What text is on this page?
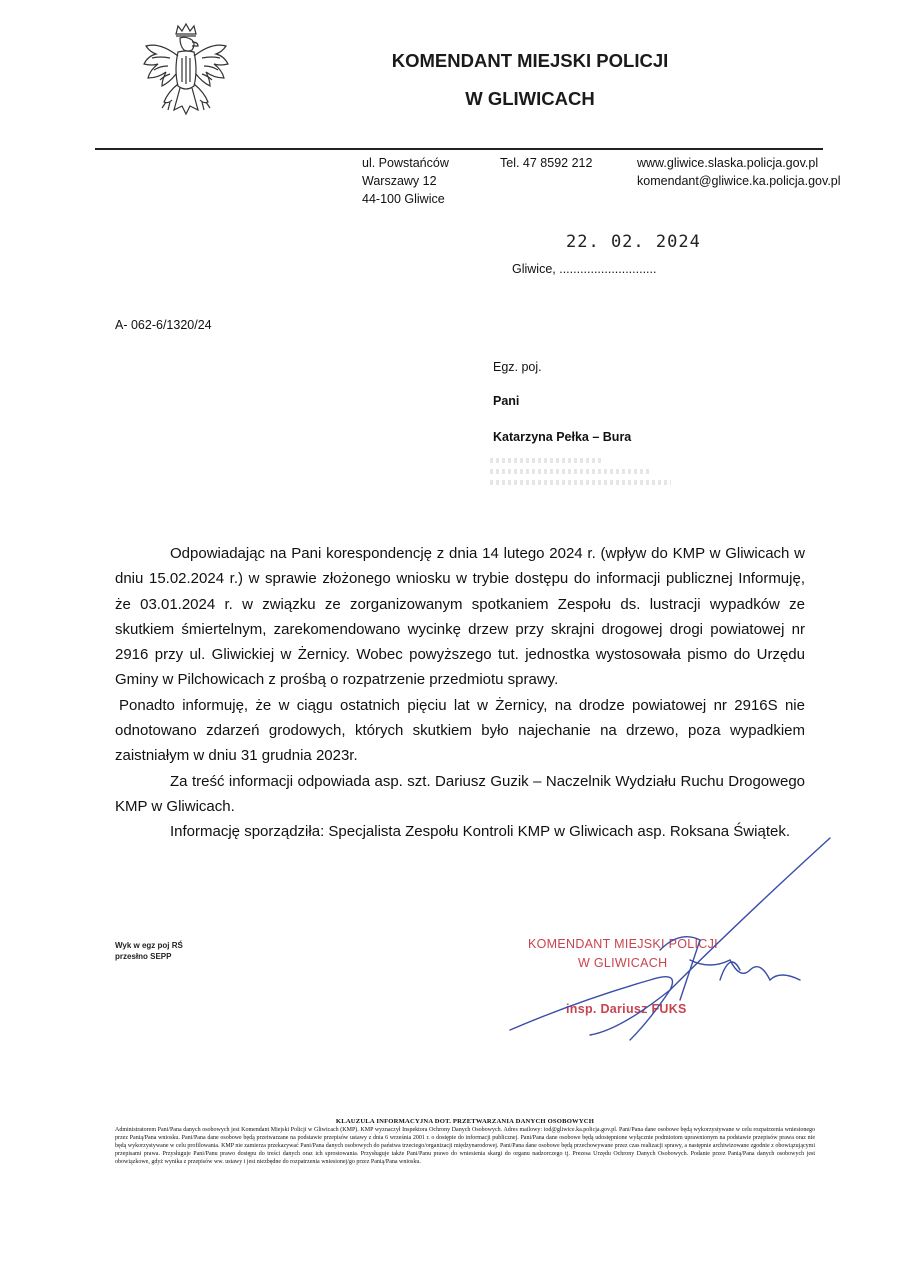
KOMENDANT MIEJSKI POLICJI
W GLIWICACH
ul. Powstańców
Warszawy 12
44-100 Gliwice
Tel. 47 8592 212	www.gliwice.slaska.policja.gov.pl
komendant@gliwice.ka.policja.gov.pl
22. 02. 2024
Gliwice, ............................
A- 062-6/1320/24
Egz. poj.
Pani
Katarzyna Pełka – Bura

Odpowiadając na Pani korespondencję z dnia 14 lutego 2024 r. (wpływ do KMP w Gliwicach w dniu 15.02.2024 r.) w sprawie złożonego wniosku w trybie dostępu do informacji publicznej Informuję, że 03.01.2024 r. w związku ze zorganizowanym spotkaniem Zespołu ds. lustracji wypadków ze skutkiem śmiertelnym, zarekomendowano wycinkę drzew przy skrajni drogowej drogi powiatowej nr 2916 przy ul. Gliwickiej w Żernicy. Wobec powyższego tut. jednostka wystosowała pismo do Urzędu Gminy w Pilchowicach z prośbą o rozpatrzenie przedmiotu sprawy.

Ponadto informuję, że w ciągu ostatnich pięciu lat w Żernicy, na drodze powiatowej nr 2916S nie odnotowano zdarzeń grodowych, których skutkiem było najechanie na drzewo, poza wypadkiem zaistniałym w dniu 31 grudnia 2023r.

Za treść informacji odpowiada asp. szt. Dariusz Guzik – Naczelnik Wydziału Ruchu Drogowego KMP w Gliwicach.

Informację sporządziła: Specjalista Zespołu Kontroli KMP w Gliwicach asp. Roksana Świątek.

Wyk w egz poj RŚ
przesłno SEPP
KOMENDANT MIEJSKI POLICJI
W GLIWICACH
insp. Dariusz FUKS
KLAUZULA INFORMACYJNA DOT. PRZETWARZANIA DANYCH OSOBOWYCH
Administratorem Pani/Pana danych osobowych jest Komendant Miejski Policji w Gliwicach (KMP). KMP wyznaczył Inspektora Ochrony Danych Osobowych. Adres mailowy: iod@gliwice.ka.policja.gov.pl. Pani/Pana dane osobowe będą wykorzystywane w celu rozpatrzenia wniesionego przez Panią/Pana wniosku. Pani/Pana dane osobowe będą przetwarzane na podstawie przepisów ustawy z dnia 6 września 2001 r. o dostępie do informacji publicznej. Pani/Pana dane osobowe będą udostępnione wyłącznie podmiotom uprawnionym na podstawie przepisów prawa oraz nie będą wykorzystywane w celu profilowania. KMP nie zamierza przekazywać Pani/Pana danych osobowych do państwa trzeciego/organizacji międzynarodowej. Pani/Pana dane osobowe będą przechowywane przez czas realizacji sprawy, a następnie archiwizowane zgodnie z obowiązującymi przepisami prawa. Przysługuje Pani/Panu prawo dostępu do treści danych oraz ich sprostowania. Przysługuje także Pani/Panu prawo do wniesienia skargi do organu nadzorczego tj. Prezesa Urzędu Ochrony Danych Osobowych. Podanie przez Panią/Pana danych osobowych jest obowiązkowe, gdyż wynika z przepisów ww. ustawy i jest niezbędne do rozpatrzenia wniesionej/go przez Panią/Pana wniosku.
